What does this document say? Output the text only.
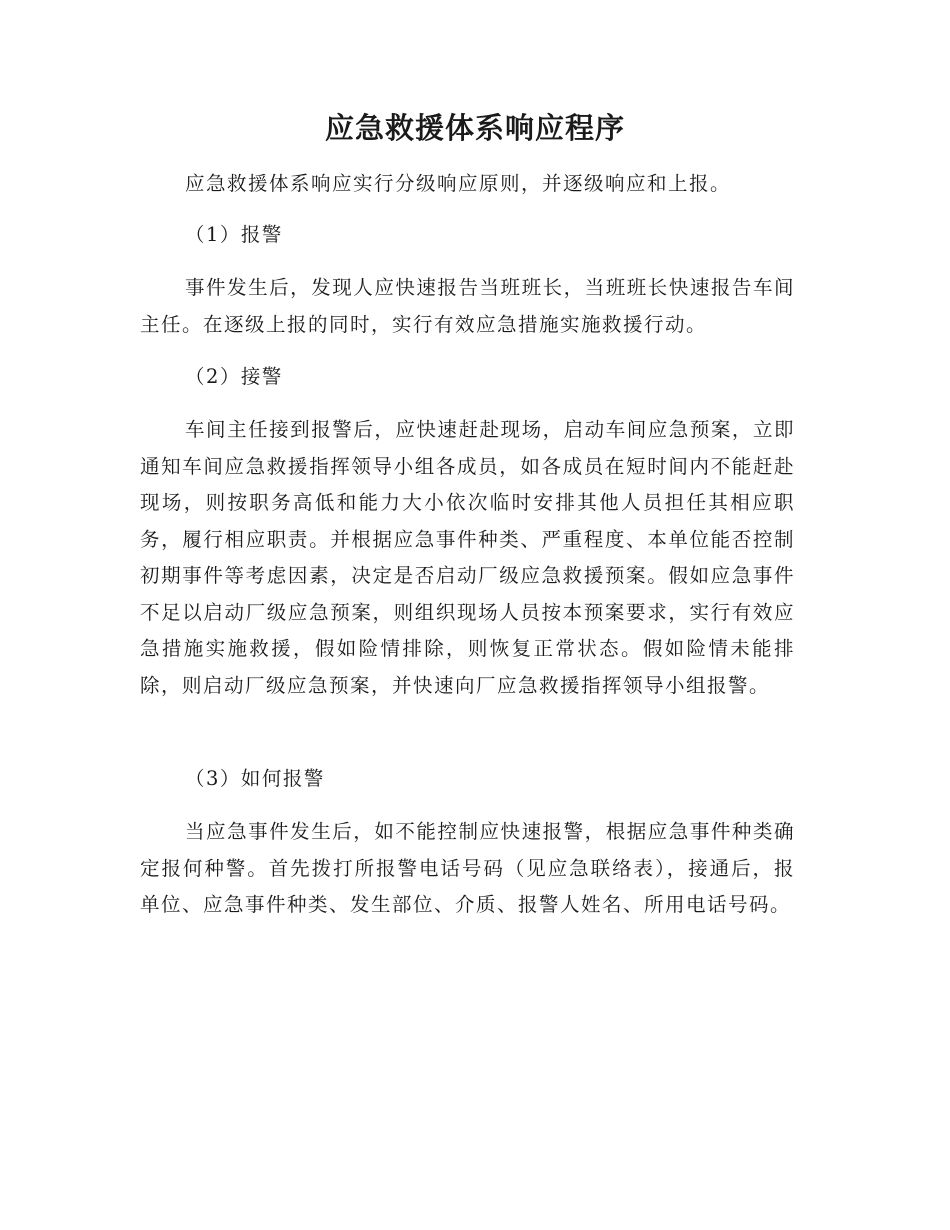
应急救援体系响应程序

应急救援体系响应实行分级响应原则，并逐级响应和上报。

（1）报警

事件发生后，发现人应快速报告当班班长，当班班长快速报告车间主任。在逐级上报的同时，实行有效应急措施实施救援行动。

（2）接警

车间主任接到报警后，应快速赶赴现场，启动车间应急预案，立即通知车间应急救援指挥领导小组各成员，如各成员在短时间内不能赶赴现场，则按职务高低和能力大小依次临时安排其他人员担任其相应职务，履行相应职责。并根据应急事件种类、严重程度、本单位能否控制初期事件等考虑因素，决定是否启动厂级应急救援预案。假如应急事件不足以启动厂级应急预案，则组织现场人员按本预案要求，实行有效应急措施实施救援，假如险情排除，则恢复正常状态。假如险情未能排除，则启动厂级应急预案，并快速向厂应急救援指挥领导小组报警。

（3）如何报警

当应急事件发生后，如不能控制应快速报警，根据应急事件种类确定报何种警。首先拨打所报警电话号码（见应急联络表），接通后，报单位、应急事件种类、发生部位、介质、报警人姓名、所用电话号码。
